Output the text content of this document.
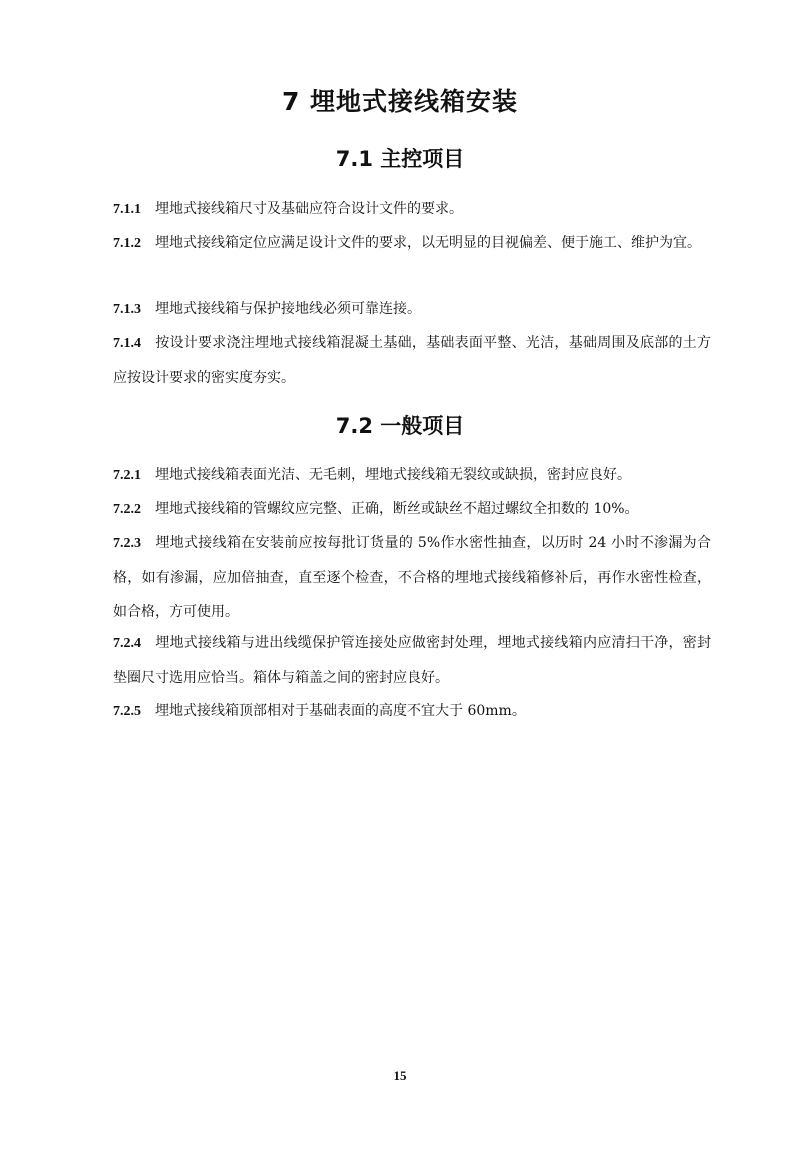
7 埋地式接线箱安装
7.1 主控项目

7.1.1 埋地式接线箱尺寸及基础应符合设计文件的要求。

7.1.2 埋地式接线箱定位应满足设计文件的要求，以无明显的目视偏差、便于施工、维护为宜。

7.1.3 埋地式接线箱与保护接地线必须可靠连接。

7.1.4 按设计要求浇注埋地式接线箱混凝土基础，基础表面平整、光洁，基础周围及底部的土方应按设计要求的密实度夯实。

7.2 一般项目

7.2.1 埋地式接线箱表面光洁、无毛刺，埋地式接线箱无裂纹或缺损，密封应良好。

7.2.2 埋地式接线箱的管螺纹应完整、正确，断丝或缺丝不超过螺纹全扣数的 10%。

7.2.3 埋地式接线箱在安装前应按每批订货量的 5%作水密性抽查，以历时 24 小时不渗漏为合格，如有渗漏，应加倍抽查，直至逐个检查，不合格的埋地式接线箱修补后，再作水密性检查，如合格，方可使用。

7.2.4 埋地式接线箱与进出线缆保护管连接处应做密封处理，埋地式接线箱内应清扫干净，密封垫圈尺寸选用应恰当。箱体与箱盖之间的密封应良好。

7.2.5 埋地式接线箱顶部相对于基础表面的高度不宜大于 60mm。

15
